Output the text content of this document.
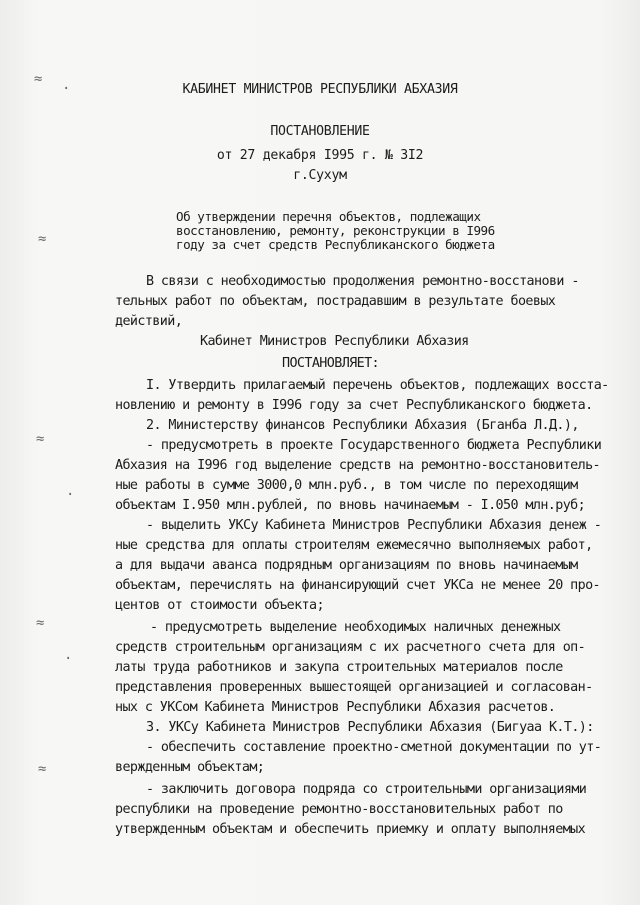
≈
·
≈
≈
·
≈
·
≈
КАБИНЕТ МИНИСТРОВ РЕСПУБЛИКИ АБХАЗИЯ
ПОСТАНОВЛЕНИЕ
от 27 декабря I995 г. № 3I2
г.Сухум
Об утверждении перечня объектов, подлежащих
восстановлению, ремонту, реконструкции в I996
году за счет средств Республиканского бюджета
В связи с необходимостью продолжения ремонтно-восстанови -
тельных работ по объектам, пострадавшим в результате боевых
действий,
Кабинет Министров Республики Абхазия
ПОСТАНОВЛЯЕТ:
I. Утвердить прилагаемый перечень объектов, подлежащих восста-
новлению и ремонту в I996 году за счет Республиканского бюджета.
2. Министерству финансов Республики Абхазия (Бганба Л.Д.),
- предусмотреть в проекте Государственного бюджета Республики
Абхазия на I996 год выделение средств на ремонтно-восстановитель-
ные работы в сумме 3000,0 млн.руб., в том числе по переходящим
объектам I.950 млн.рублей, по вновь начинаемым - I.050 млн.руб;
- выделить УКСу Кабинета Министров Республики Абхазия денеж -
ные средства для оплаты строителям ежемесячно выполняемых работ,
а для выдачи аванса подрядным организациям по вновь начинаемым
объектам, перечислять на финансирующий счет УКСа не менее 20 про-
центов от стоимости объекта;
- предусмотреть выделение необходимых наличных денежных
средств строительным организациям с их расчетного счета для оп-
латы труда работников и закупа строительных материалов после
представления проверенных вышестоящей организацией и согласован-
ных с УКСом Кабинета Министров Республики Абхазия расчетов.
3. УКСу Кабинета Министров Республики Абхазия (Бигуаа К.Т.):
- обеспечить составление проектно-сметной документации по ут-
вержденным объектам;
- заключить договора подряда со строительными организациями
республики на проведение ремонтно-восстановительных работ по
утвержденным объектам и обеспечить приемку и оплату выполняемых
